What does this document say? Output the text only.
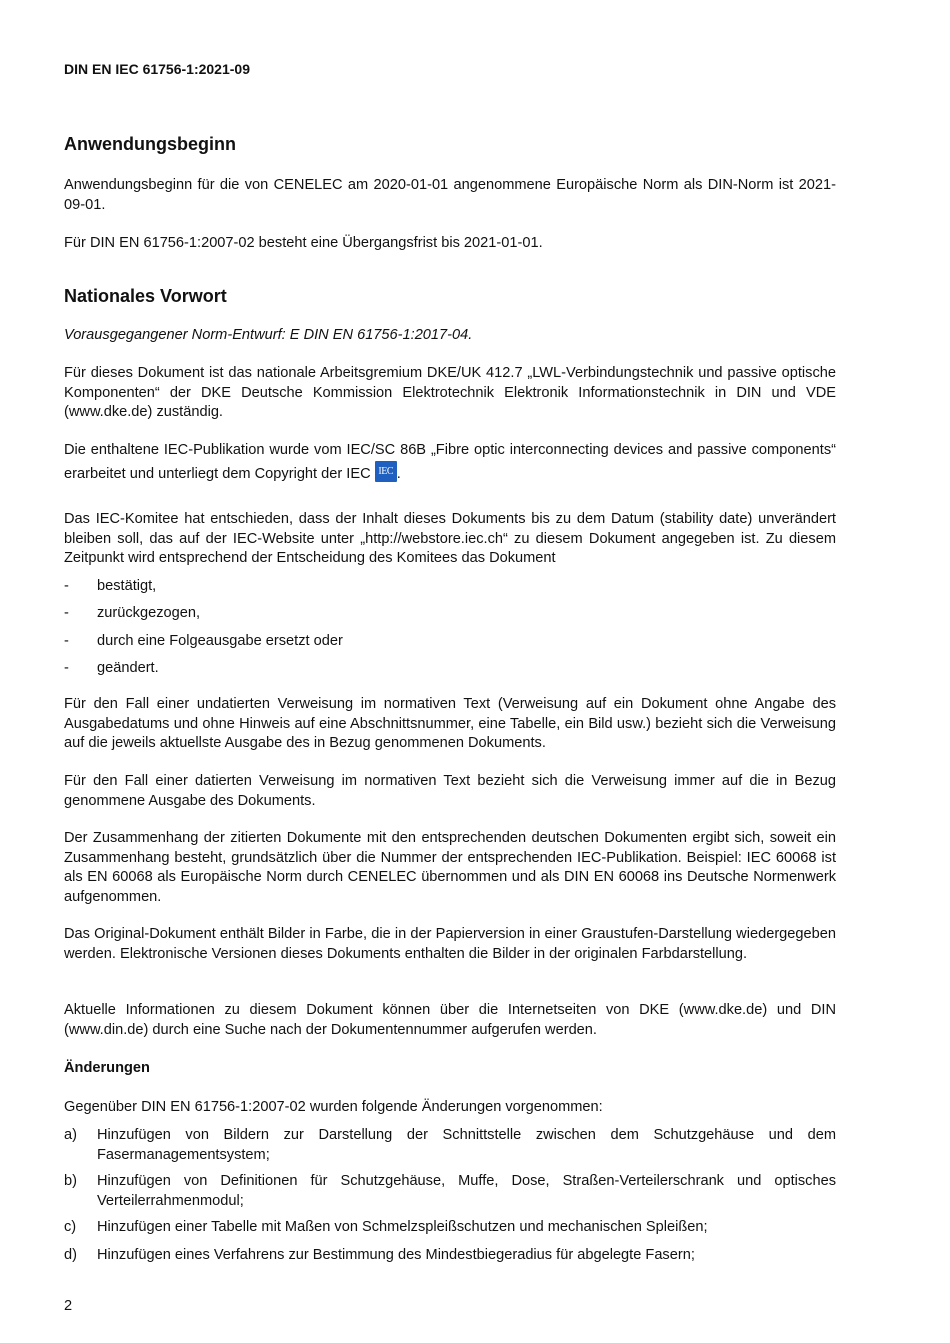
DIN EN IEC 61756-1:2021-09
Anwendungsbeginn

Anwendungsbeginn für die von CENELEC am 2020-01-01 angenommene Europäische Norm als DIN-Norm ist 2021-09-01.

Für DIN EN 61756-1:2007-02 besteht eine Übergangsfrist bis 2021-01-01.

Nationales Vorwort

Vorausgegangener Norm-Entwurf: E DIN EN 61756-1:2017-04.

Für dieses Dokument ist das nationale Arbeitsgremium DKE/UK 412.7 „LWL-Verbindungstechnik und passive optische Komponenten“ der DKE Deutsche Kommission Elektrotechnik Elektronik Informationstechnik in DIN und VDE (www.dke.de) zuständig.

Die enthaltene IEC-Publikation wurde vom IEC/SC 86B „Fibre optic interconnecting devices and passive components“ erarbeitet und unterliegt dem Copyright der IEC IEC .

Das IEC-Komitee hat entschieden, dass der Inhalt dieses Dokuments bis zu dem Datum (stability date) unverändert bleiben soll, das auf der IEC-Website unter „http://webstore.iec.ch“ zu diesem Dokument angegeben ist. Zu diesem Zeitpunkt wird entsprechend der Entscheidung des Komitees das Dokument

- bestätigt,
- zurückgezogen,
- durch eine Folgeausgabe ersetzt oder
- geändert.

Für den Fall einer undatierten Verweisung im normativen Text (Verweisung auf ein Dokument ohne Angabe des Ausgabedatums und ohne Hinweis auf eine Abschnittsnummer, eine Tabelle, ein Bild usw.) bezieht sich die Verweisung auf die jeweils aktuellste Ausgabe des in Bezug genommenen Dokuments.

Für den Fall einer datierten Verweisung im normativen Text bezieht sich die Verweisung immer auf die in Bezug genommene Ausgabe des Dokuments.

Der Zusammenhang der zitierten Dokumente mit den entsprechenden deutschen Dokumenten ergibt sich, soweit ein Zusammenhang besteht, grundsätzlich über die Nummer der entsprechenden IEC-Publikation. Beispiel: IEC 60068 ist als EN 60068 als Europäische Norm durch CENELEC übernommen und als DIN EN 60068 ins Deutsche Normenwerk aufgenommen.

Das Original-Dokument enthält Bilder in Farbe, die in der Papierversion in einer Graustufen-Darstellung wiedergegeben werden. Elektronische Versionen dieses Dokuments enthalten die Bilder in der originalen Farbdarstellung.

Aktuelle Informationen zu diesem Dokument können über die Internetseiten von DKE (www.dke.de) und DIN (www.din.de) durch eine Suche nach der Dokumentennummer aufgerufen werden.

Änderungen

Gegenüber DIN EN 61756-1:2007-02 wurden folgende Änderungen vorgenommen:

a) Hinzufügen von Bildern zur Darstellung der Schnittstelle zwischen dem Schutzgehäuse und dem Fasermanagementsystem;
b) Hinzufügen von Definitionen für Schutzgehäuse, Muffe, Dose, Straßen-Verteilerschrank und optisches Verteilerrahmenmodul;
c) Hinzufügen einer Tabelle mit Maßen von Schmelzspleißschutzen und mechanischen Spleißen;
d) Hinzufügen eines Verfahrens zur Bestimmung des Mindestbiegeradius für abgelegte Fasern;
2
